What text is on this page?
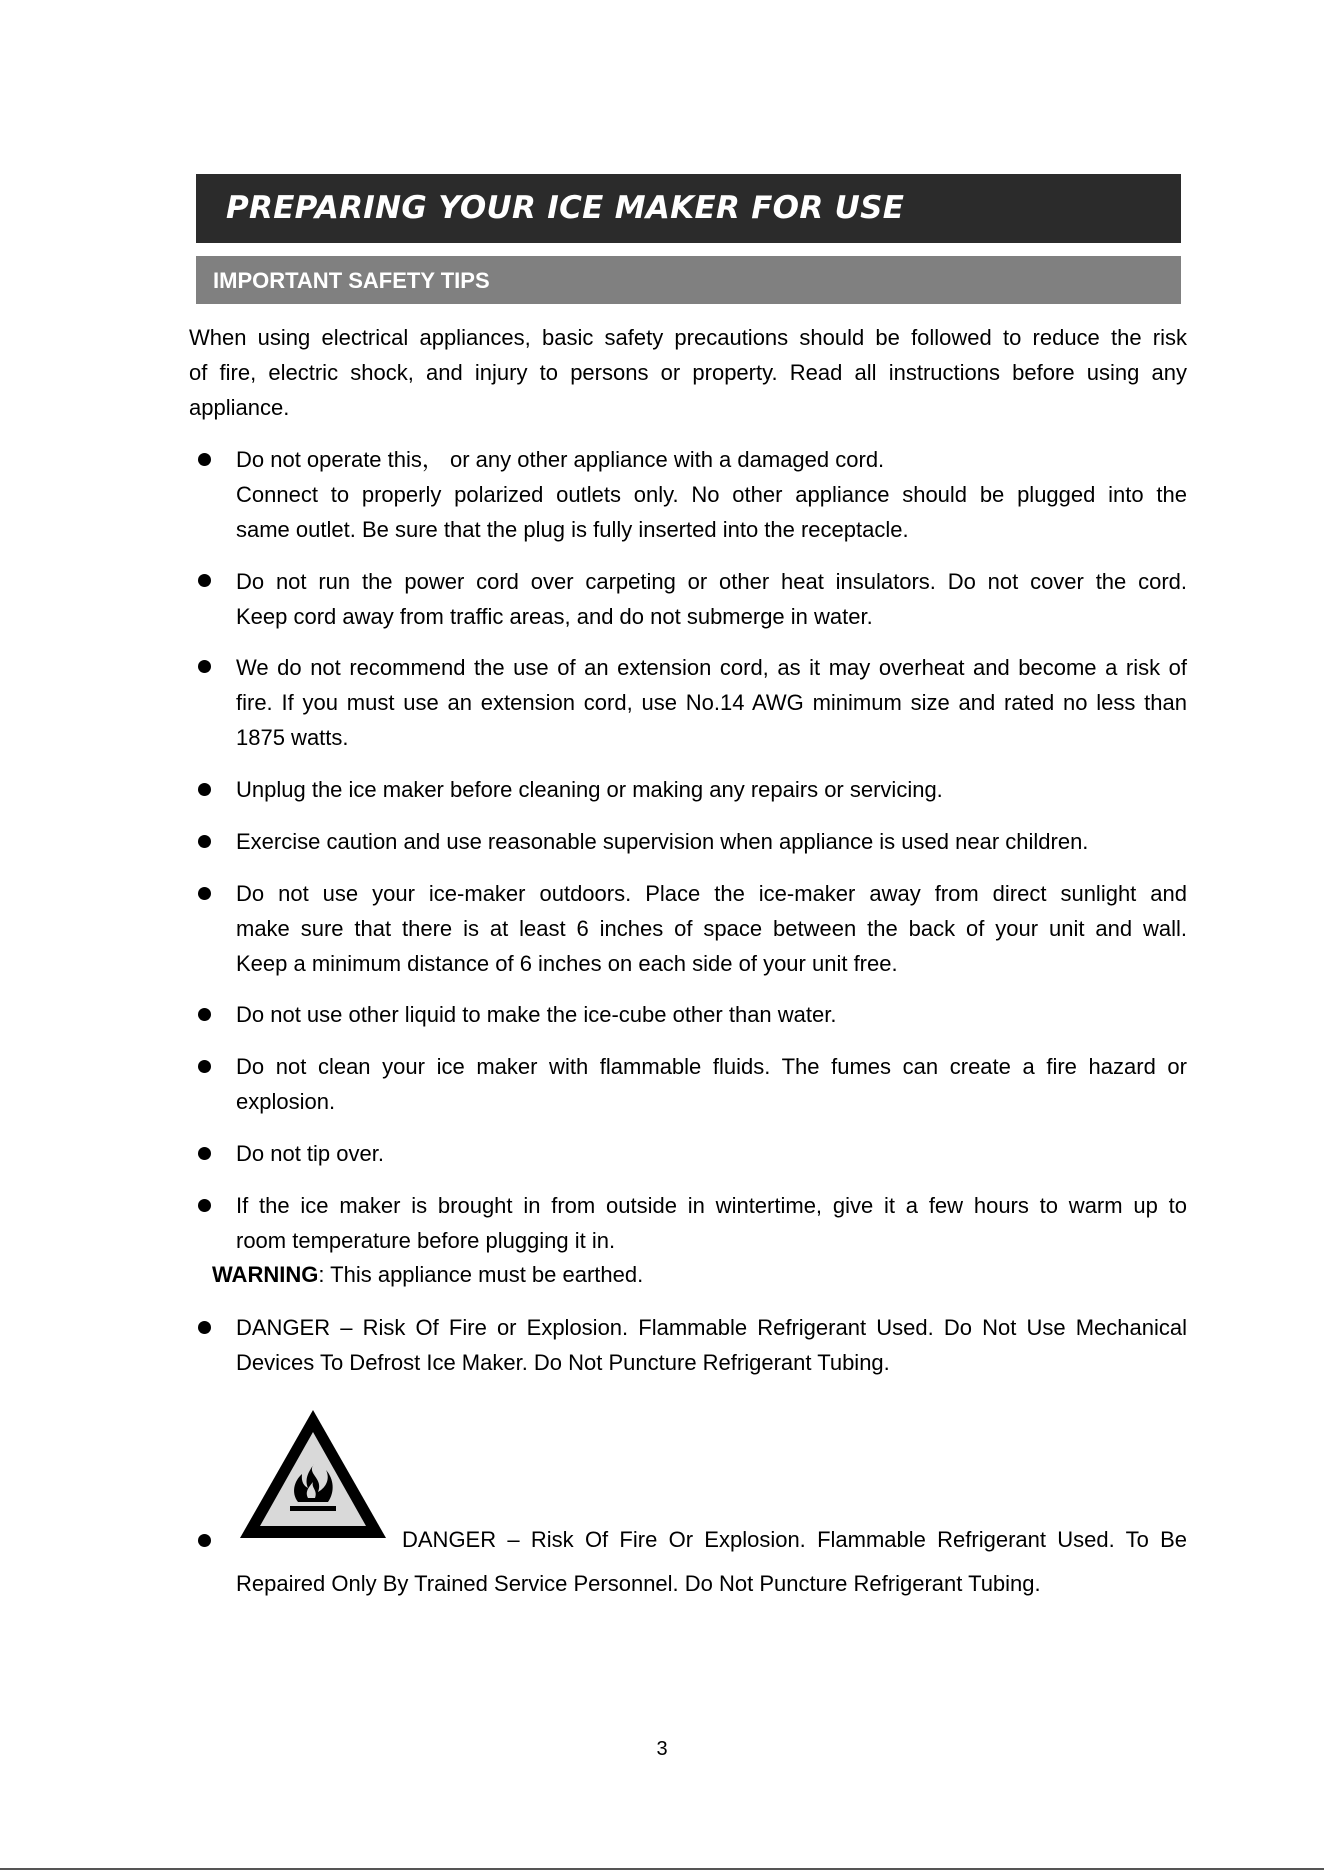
PREPARING YOUR ICE MAKER FOR USE
IMPORTANT SAFETY TIPS
When using electrical appliances, basic safety precautions should be followed to reduce the risk
of fire, electric shock, and injury to persons or property. Read all instructions before using any
appliance.
Do not operate this， or any other appliance with a damaged cord.
Connect to properly polarized outlets only. No other appliance should be plugged into the
same outlet. Be sure that the plug is fully inserted into the receptacle.
Do not run the power cord over carpeting or other heat insulators. Do not cover the cord.
Keep cord away from traffic areas, and do not submerge in water.
We do not recommend the use of an extension cord, as it may overheat and become a risk of
fire. If you must use an extension cord, use No.14 AWG minimum size and rated no less than
1875 watts.
Unplug the ice maker before cleaning or making any repairs or servicing.
Exercise caution and use reasonable supervision when appliance is used near children.
Do not use your ice-maker outdoors. Place the ice-maker away from direct sunlight and
make sure that there is at least 6 inches of space between the back of your unit and wall.
Keep a minimum distance of 6 inches on each side of your unit free.
Do not use other liquid to make the ice-cube other than water.
Do not clean your ice maker with flammable fluids. The fumes can create a fire hazard or
explosion.
Do not tip over.
If the ice maker is brought in from outside in wintertime, give it a few hours to warm up to
room temperature before plugging it in.
WARNING: This appliance must be earthed.
DANGER – Risk Of Fire or Explosion. Flammable Refrigerant Used. Do Not Use Mechanical
Devices To Defrost Ice Maker. Do Not Puncture Refrigerant Tubing.
DANGER – Risk Of Fire Or Explosion. Flammable Refrigerant Used. To Be
Repaired Only By Trained Service Personnel. Do Not Puncture Refrigerant Tubing.
3
